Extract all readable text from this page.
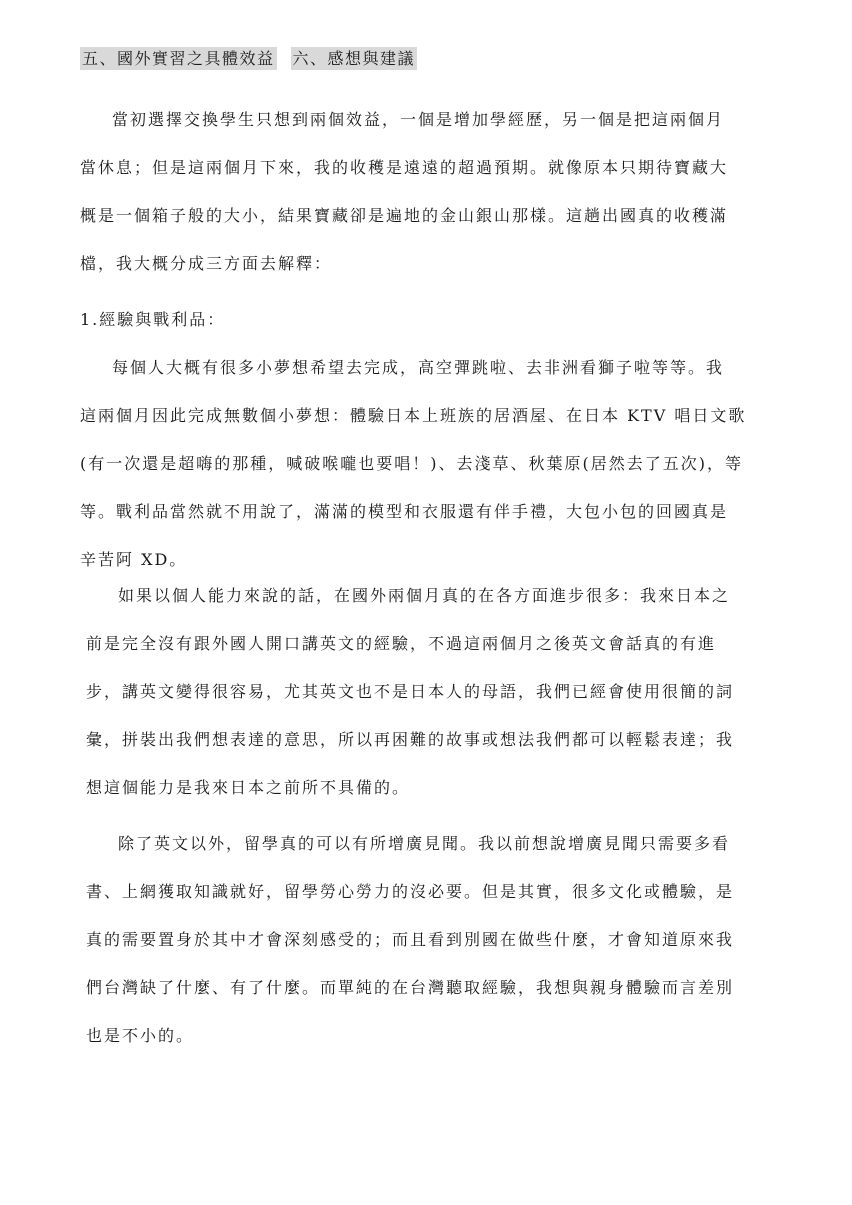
五、國外實習之具體效益 六、感想與建議
當初選擇交換學生只想到兩個效益，一個是增加學經歷，另一個是把這兩個月
當休息；但是這兩個月下來，我的收穫是遠遠的超過預期。就像原本只期待寶藏大
概是一個箱子般的大小，結果寶藏卻是遍地的金山銀山那樣。這趟出國真的收穫滿
檔，我大概分成三方面去解釋：
1.經驗與戰利品：
每個人大概有很多小夢想希望去完成，高空彈跳啦、去非洲看獅子啦等等。我
這兩個月因此完成無數個小夢想：體驗日本上班族的居酒屋、在日本 KTV 唱日文歌
(有一次還是超嗨的那種，喊破喉嚨也要唱！)、去淺草、秋葉原(居然去了五次)，等
等。戰利品當然就不用說了，滿滿的模型和衣服還有伴手禮，大包小包的回國真是
辛苦阿 XD。
如果以個人能力來說的話，在國外兩個月真的在各方面進步很多：我來日本之
前是完全沒有跟外國人開口講英文的經驗，不過這兩個月之後英文會話真的有進
步，講英文變得很容易，尤其英文也不是日本人的母語，我們已經會使用很簡的詞
彙，拼裝出我們想表達的意思，所以再困難的故事或想法我們都可以輕鬆表達；我
想這個能力是我來日本之前所不具備的。
除了英文以外，留學真的可以有所增廣見聞。我以前想說增廣見聞只需要多看
書、上網獲取知識就好，留學勞心勞力的沒必要。但是其實，很多文化或體驗，是
真的需要置身於其中才會深刻感受的；而且看到別國在做些什麼，才會知道原來我
們台灣缺了什麼、有了什麼。而單純的在台灣聽取經驗，我想與親身體驗而言差別
也是不小的。
